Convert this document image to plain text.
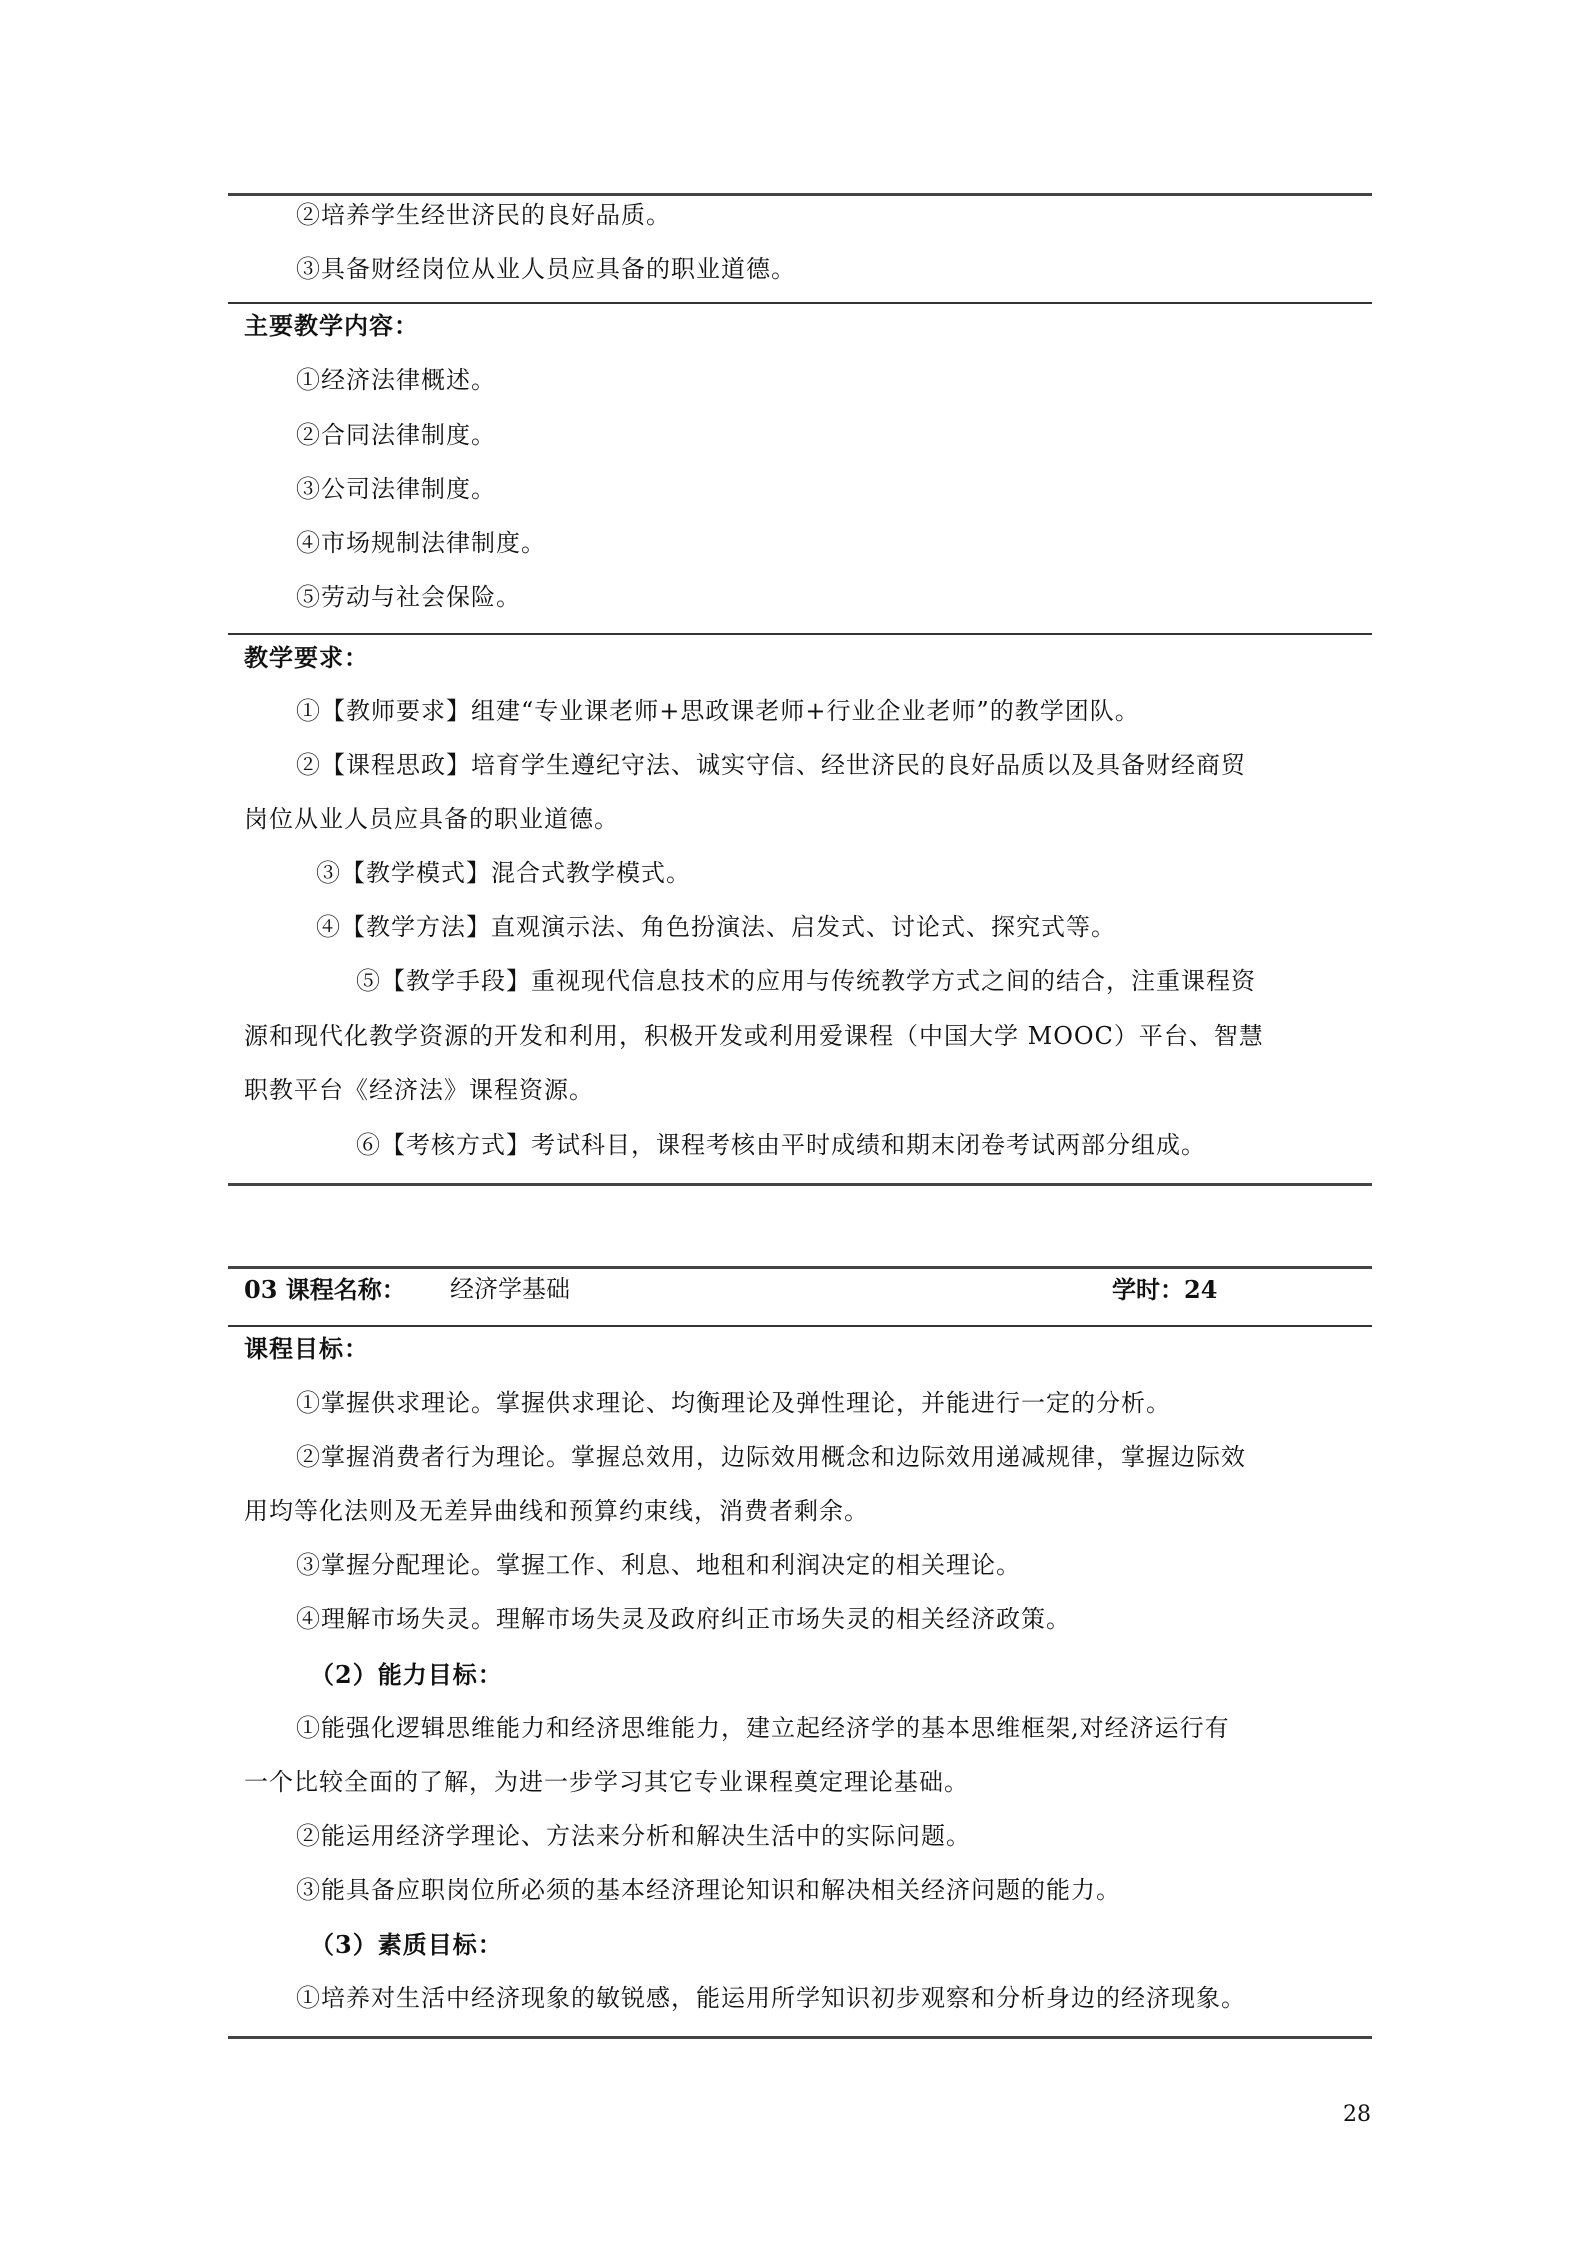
②培养学生经世济民的良好品质。
③具备财经岗位从业人员应具备的职业道德。
主要教学内容：
①经济法律概述。
②合同法律制度。
③公司法律制度。
④市场规制法律制度。
⑤劳动与社会保险。
教学要求：
①【教师要求】组建“专业课老师+思政课老师+行业企业老师”的教学团队。
②【课程思政】培育学生遵纪守法、诚实守信、经世济民的良好品质以及具备财经商贸
岗位从业人员应具备的职业道德。
③【教学模式】混合式教学模式。
④【教学方法】直观演示法、角色扮演法、启发式、讨论式、探究式等。
⑤【教学手段】重视现代信息技术的应用与传统教学方式之间的结合，注重课程资
源和现代化教学资源的开发和利用，积极开发或利用爱课程（中国大学 MOOC）平台、智慧
职教平台《经济法》课程资源。
⑥【考核方式】考试科目，课程考核由平时成绩和期末闭卷考试两部分组成。
03 课程名称： 经济学基础	学时：24
课程目标：
①掌握供求理论。掌握供求理论、均衡理论及弹性理论，并能进行一定的分析。
②掌握消费者行为理论。掌握总效用，边际效用概念和边际效用递减规律，掌握边际效
用均等化法则及无差异曲线和预算约束线，消费者剩余。
③掌握分配理论。掌握工作、利息、地租和利润决定的相关理论。
④理解市场失灵。理解市场失灵及政府纠正市场失灵的相关经济政策。
（2）能力目标：
①能强化逻辑思维能力和经济思维能力，建立起经济学的基本思维框架,对经济运行有
一个比较全面的了解，为进一步学习其它专业课程奠定理论基础。
②能运用经济学理论、方法来分析和解决生活中的实际问题。
③能具备应职岗位所必须的基本经济理论知识和解决相关经济问题的能力。
（3）素质目标：
①培养对生活中经济现象的敏锐感，能运用所学知识初步观察和分析身边的经济现象。
28
